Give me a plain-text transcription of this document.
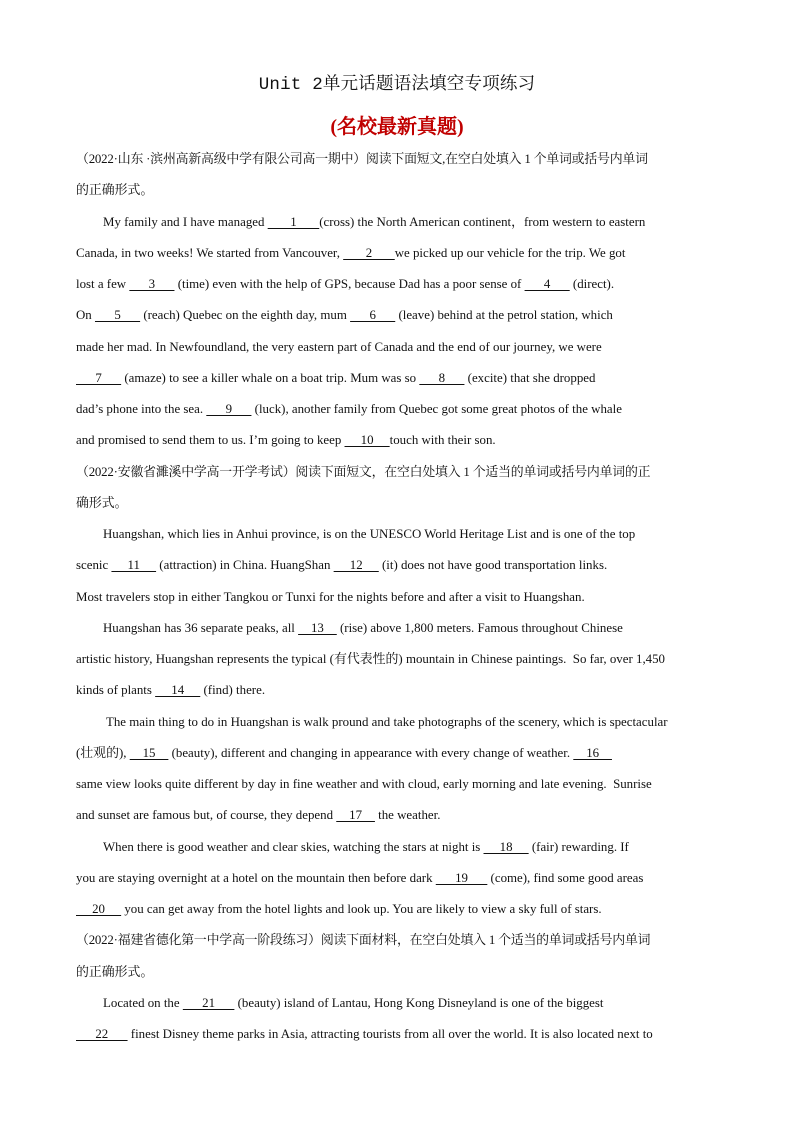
Unit 2单元话题语法填空专项练习
(名校最新真题)
（2022·山东 ·滨州高新高级中学有限公司高一期中）阅读下面短文,在空白处填入 1 个单词或括号内单词
的正确形式。
My family and I have managed        1       (cross) the North American continent，from western to eastern
Canada, in two weeks! We started from Vancouver,        2       we picked up our vehicle for the trip. We got
lost a few       3       (time) even with the help of GPS, because Dad has a poor sense of       4       (direct).
On       5       (reach) Quebec on the eighth day, mum       6       (leave) behind at the petrol station, which
made her mad. In Newfoundland, the very eastern part of Canada and the end of our journey, we were
7       (amaze) to see a killer whale on a boat trip. Mum was so       8       (excite) that she dropped
dad’s phone into the sea.       9       (luck), another family from Quebec got some great photos of the whale
and promised to send them to us. I’m going to keep      10     touch with their son.
（2022·安徽省濉溪中学高一开学考试）阅读下面短文，在空白处填入 1 个适当的单词或括号内单词的正
确形式。
Huangshan, which lies in Anhui province, is on the UNESCO World Heritage List and is one of the top
scenic      11      (attraction) in China. HuangShan      12      (it) does not have good transportation links.
Most travelers stop in either Tangkou or Tunxi for the nights before and after a visit to Huangshan.
Huangshan has 36 separate peaks, all     13     (rise) above 1,800 meters. Famous throughout Chinese
artistic history, Huangshan represents the typical (有代表性的) mountain in Chinese paintings.  So far, over 1,450
kinds of plants      14      (find) there.
The main thing to do in Huangshan is walk pround and take photographs of the scenery, which is spectacular
(壮观的),     15     (beauty), different and changing in appearance with every change of weather.     16
same view looks quite different by day in fine weather and with cloud, early morning and late evening.  Sunrise
and sunset are famous but, of course, they depend     17     the weather.
When there is good weather and clear skies, watching the stars at night is      18      (fair) rewarding. If
you are staying overnight at a hotel on the mountain then before dark       19       (come), find some good areas
20      you can get away from the hotel lights and look up. You are likely to view a sky full of stars.
（2022·福建省德化第一中学高一阶段练习）阅读下面材料，在空白处填入 1 个适当的单词或括号内单词
的正确形式。
Located on the       21       (beauty) island of Lantau, Hong Kong Disneyland is one of the biggest
22       finest Disney theme parks in Asia, attracting tourists from all over the world. It is also located next to
